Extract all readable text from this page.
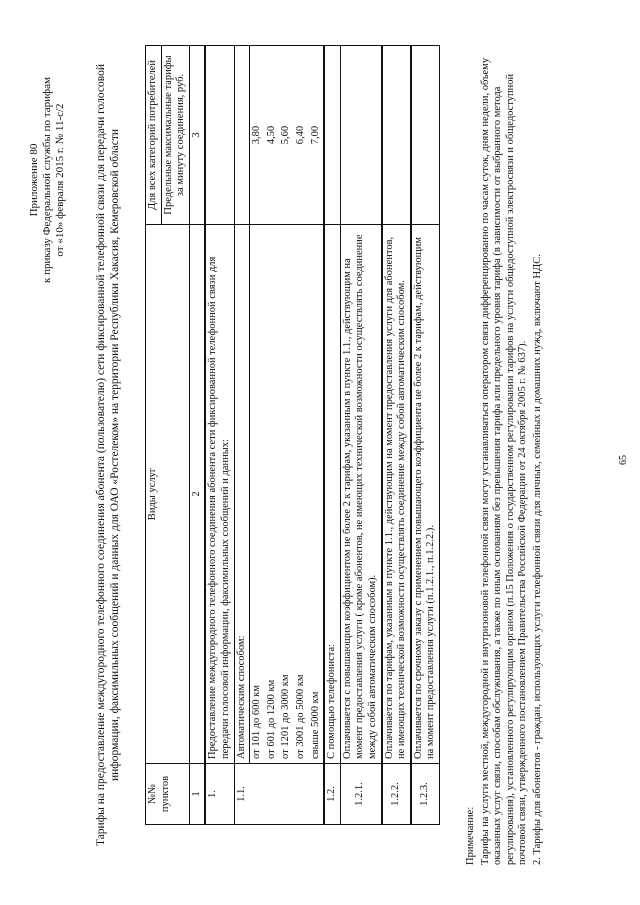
Приложение 80 к приказу Федеральной службы по тарифам от «10» февраля 2015 г. № 11-с/2 Тарифы на предоставление междугородного телефонного соединения абонента (пользователю) сети фиксированной телефонной связи для передачи голосовой информации, факсимильных сообщений и данных для ОАО «Ростелеком» на территории Республики Хакасия, Кемеровской области
№№ пунктов	Виды услуг	Для всех категорий потребителей
		Предельные максимальные тарифы за минуту соединения, руб.
1	2	3
1.	Предоставление междугородного телефонного соединения абонента сети фиксированной телефонной связи для передачи голосовой информации, факсимильных сообщений и данных:	
1.1.	Автоматическим способом:	
	от 101 до 600 км	3,80
	от 601 до 1200 км	4,50
	от 1201 до 3000 км	5,60
	от 3001 до 5000 км	6,40
	свыше 5000 км	7,00
1.2.	С помощью телефониста:	
1.2.1.	Оплачивается с повышающим коэффициентом не более 2 к тарифам, указанным в пункте 1.1., действующим на момент предоставления услуги ( кроме абонентов, не имеющих технической возможности осуществлять соединение между собой автоматическим способом).	
1.2.2.	Оплачивается по тарифам, указанным в пункте 1.1., действующим на момент предоставления услуги для абонентов, не имеющих технической возможности осуществлять соединение между собой автоматическим способом.	
1.2.3.	Оплачивается по срочному заказу с применением повышающего коэффициента не более 2 к тарифам, действующим на момент предоставления услуги (п.1.2.1., п.1.2.2.).	

Примечание: Тарифы на услуги местной, междугородной и внутризоновой телефонной связи могут устанавливаться оператором связи дифференцированно по часам суток, дням недели, объему оказанных услуг связи, способам обслуживания, а также по иным основаниям без превышения тарифа или предельного уровня тарифа (в зависимости от выбранного метода регулирования), установленного регулирующим органом (п.15 Положения о государственном регулировании тарифов на услуги общедоступной электросвязи и общедоступной почтовой связи, утвержденного постановлением Правительства Российской Федерации от 24 октября 2005 г. № 637). 2. Тарифы для абонентов - граждан, использующих услуги телефонной связи для личных, семейных и домашних нужд, включают НДС.	65
